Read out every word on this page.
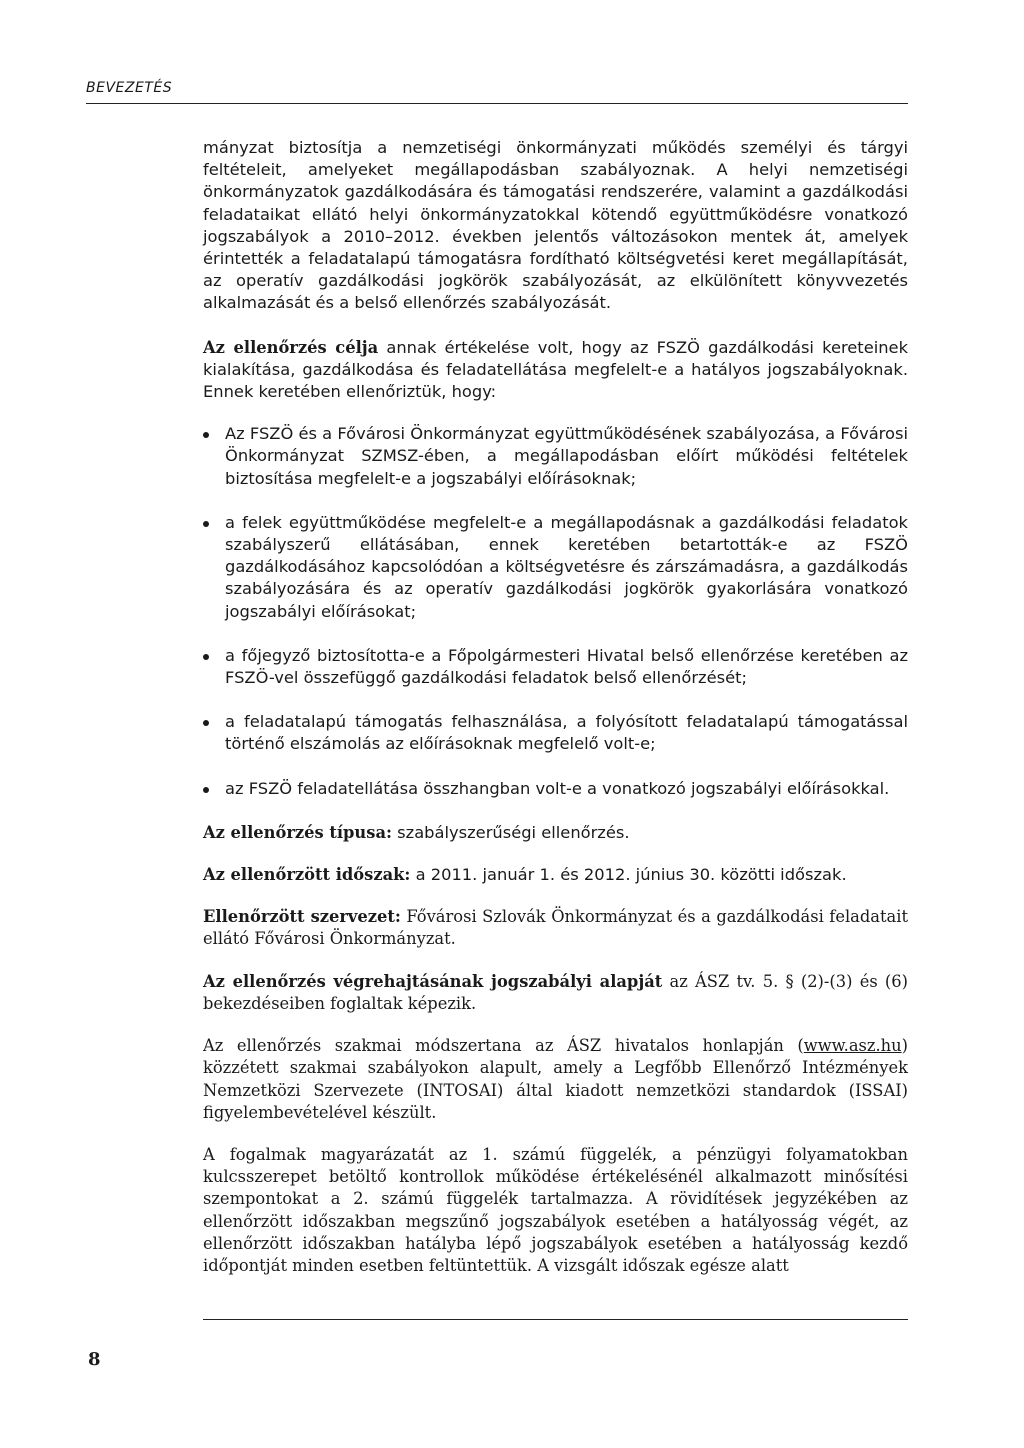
BEVEZETÉS

mányzat biztosítja a nemzetiségi önkormányzati működés személyi és tárgyi feltételeit, amelyeket megállapodásban szabályoznak. A helyi nemzetiségi önkormányzatok gazdálkodására és támogatási rendszerére, valamint a gazdálkodási feladataikat ellátó helyi önkormányzatokkal kötendő együttműködésre vonatkozó jogszabályok a 2010–2012. években jelentős változásokon mentek át, amelyek érintették a feladatalapú támogatásra fordítható költségvetési keret megállapítását, az operatív gazdálkodási jogkörök szabályozását, az elkülönített könyvvezetés alkalmazását és a belső ellenőrzés szabályozását.

Az ellenőrzés célja annak értékelése volt, hogy az FSZÖ gazdálkodási kereteinek kialakítása, gazdálkodása és feladatellátása megfelelt-e a hatályos jogszabályoknak. Ennek keretében ellenőriztük, hogy:

Az FSZÖ és a Fővárosi Önkormányzat együttműködésének szabályozása, a Fővárosi Önkormányzat SZMSZ-ében, a megállapodásban előírt működési feltételek biztosítása megfelelt-e a jogszabályi előírásoknak;
a felek együttműködése megfelelt-e a megállapodásnak a gazdálkodási feladatok szabályszerű ellátásában, ennek keretében betartották-e az FSZÖ gazdálkodásához kapcsolódóan a költségvetésre és zárszámadásra, a gazdálkodás szabályozására és az operatív gazdálkodási jogkörök gyakorlására vonatkozó jogszabályi előírásokat;
a főjegyző biztosította-e a Főpolgármesteri Hivatal belső ellenőrzése keretében az FSZÖ-vel összefüggő gazdálkodási feladatok belső ellenőrzését;
a feladatalapú támogatás felhasználása, a folyósított feladatalapú támogatással történő elszámolás az előírásoknak megfelelő volt-e;
az FSZÖ feladatellátása összhangban volt-e a vonatkozó jogszabályi előírásokkal.

Az ellenőrzés típusa: szabályszerűségi ellenőrzés.

Az ellenőrzött időszak: a 2011. január 1. és 2012. június 30. közötti időszak.

Ellenőrzött szervezet: Fővárosi Szlovák Önkormányzat és a gazdálkodási feladatait ellátó Fővárosi Önkormányzat.

Az ellenőrzés végrehajtásának jogszabályi alapját az ÁSZ tv. 5. § (2)-(3) és (6) bekezdéseiben foglaltak képezik.

Az ellenőrzés szakmai módszertana az ÁSZ hivatalos honlapján (www.asz.hu) közzétett szakmai szabályokon alapult, amely a Legfőbb Ellenőrző Intézmények Nemzetközi Szervezete (INTOSAI) által kiadott nemzetközi standardok (ISSAI) figyelembevételével készült.

A fogalmak magyarázatát az 1. számú függelék, a pénzügyi folyamatokban kulcsszerepet betöltő kontrollok működése értékelésénél alkalmazott minősítési szempontokat a 2. számú függelék tartalmazza. A rövidítések jegyzékében az ellenőrzött időszakban megszűnő jogszabályok esetében a hatályosság végét, az ellenőrzött időszakban hatályba lépő jogszabályok esetében a hatályosság kezdő időpontját minden esetben feltüntettük. A vizsgált időszak egésze alatt

8
